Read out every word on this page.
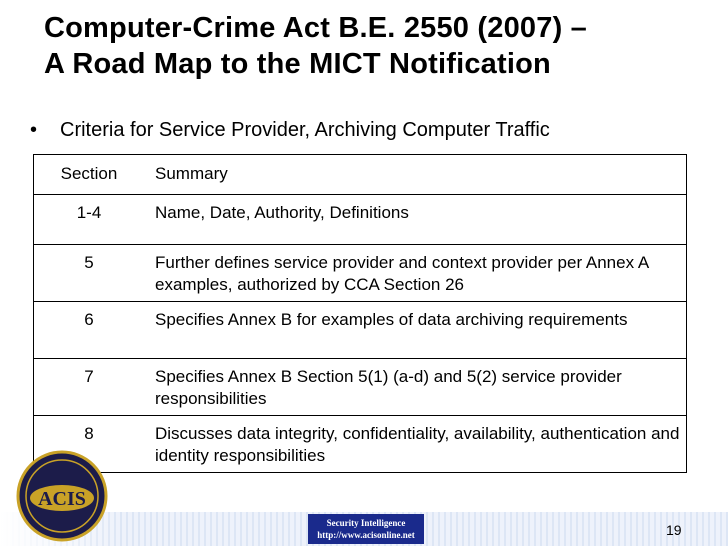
Computer-Crime Act B.E. 2550 (2007) –
A Road Map to the MICT Notification
• Criteria for Service Provider, Archiving Computer Traffic
Section	Summary
1-4	Name, Date, Authority, Definitions
5	Further defines service provider and context provider per Annex A examples, authorized by CCA Section 26
6	Specifies Annex B for examples of data archiving requirements
7	Specifies Annex B Section 5(1) (a-d) and 5(2) service provider responsibilities
8	Discusses data integrity, confidentiality, availability, authentication and identity responsibilities
Security Intelligence
http://www.acisonline.net	19
ACIS
